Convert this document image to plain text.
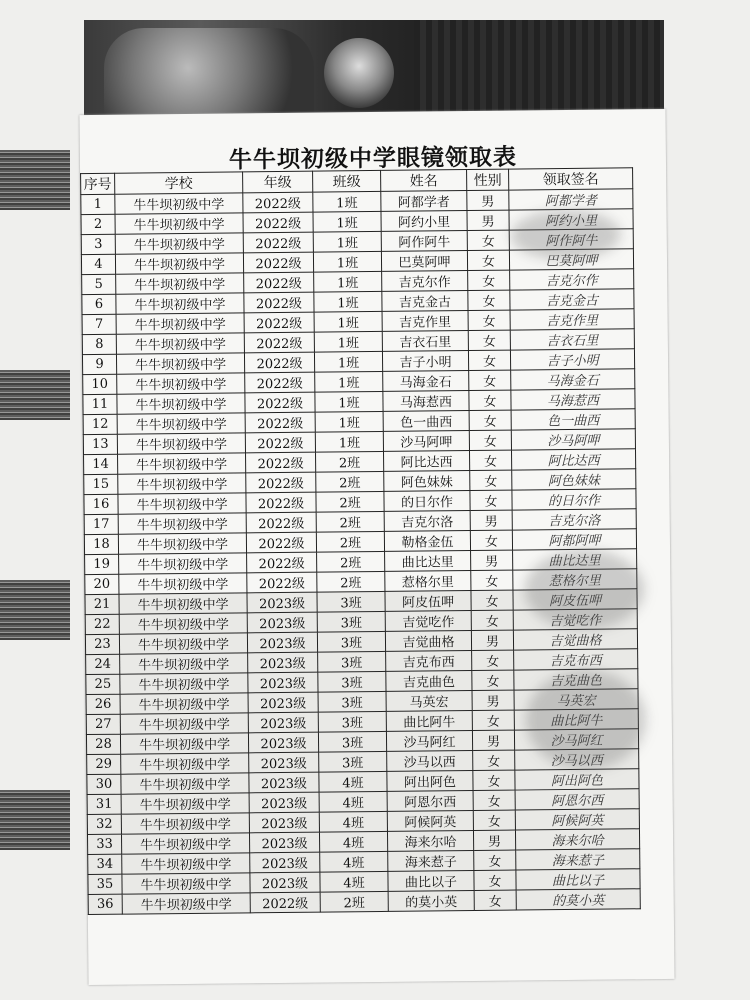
牛牛坝初级中学眼镜领取表
序号	学校	年级	班级	姓名	性别	领取签名
1	牛牛坝初级中学	2022级	1班	阿都学者	男	阿都学者
2	牛牛坝初级中学	2022级	1班	阿约小里	男	阿约小里
3	牛牛坝初级中学	2022级	1班	阿作阿牛	女	阿作阿牛
4	牛牛坝初级中学	2022级	1班	巴莫阿呷	女	巴莫阿呷
5	牛牛坝初级中学	2022级	1班	吉克尔作	女	吉克尔作
6	牛牛坝初级中学	2022级	1班	吉克金古	女	吉克金古
7	牛牛坝初级中学	2022级	1班	吉克作里	女	吉克作里
8	牛牛坝初级中学	2022级	1班	吉衣石里	女	吉衣石里
9	牛牛坝初级中学	2022级	1班	吉子小明	女	吉子小明
10	牛牛坝初级中学	2022级	1班	马海金石	女	马海金石
11	牛牛坝初级中学	2022级	1班	马海惹西	女	马海惹西
12	牛牛坝初级中学	2022级	1班	色一曲西	女	色一曲西
13	牛牛坝初级中学	2022级	1班	沙马阿呷	女	沙马阿呷
14	牛牛坝初级中学	2022级	2班	阿比达西	女	阿比达西
15	牛牛坝初级中学	2022级	2班	阿色妹妹	女	阿色妹妹
16	牛牛坝初级中学	2022级	2班	的日尔作	女	的日尔作
17	牛牛坝初级中学	2022级	2班	吉克尔洛	男	吉克尔洛
18	牛牛坝初级中学	2022级	2班	勒格金伍	女	阿都阿呷
19	牛牛坝初级中学	2022级	2班	曲比达里	男	曲比达里
20	牛牛坝初级中学	2022级	2班	惹格尔里	女	惹格尔里
21	牛牛坝初级中学	2023级	3班	阿皮伍呷	女	阿皮伍呷
22	牛牛坝初级中学	2023级	3班	吉觉吃作	女	吉觉吃作
23	牛牛坝初级中学	2023级	3班	吉觉曲格	男	吉觉曲格
24	牛牛坝初级中学	2023级	3班	吉克布西	女	吉克布西
25	牛牛坝初级中学	2023级	3班	吉克曲色	女	吉克曲色
26	牛牛坝初级中学	2023级	3班	马英宏	男	马英宏
27	牛牛坝初级中学	2023级	3班	曲比阿牛	女	曲比阿牛
28	牛牛坝初级中学	2023级	3班	沙马阿红	男	沙马阿红
29	牛牛坝初级中学	2023级	3班	沙马以西	女	沙马以西
30	牛牛坝初级中学	2023级	4班	阿出阿色	女	阿出阿色
31	牛牛坝初级中学	2023级	4班	阿恩尔西	女	阿恩尔西
32	牛牛坝初级中学	2023级	4班	阿候阿英	女	阿候阿英
33	牛牛坝初级中学	2023级	4班	海来尔哈	男	海来尔哈
34	牛牛坝初级中学	2023级	4班	海来惹子	女	海来惹子
35	牛牛坝初级中学	2023级	4班	曲比以子	女	曲比以子
36	牛牛坝初级中学	2022级	2班	的莫小英	女	的莫小英
